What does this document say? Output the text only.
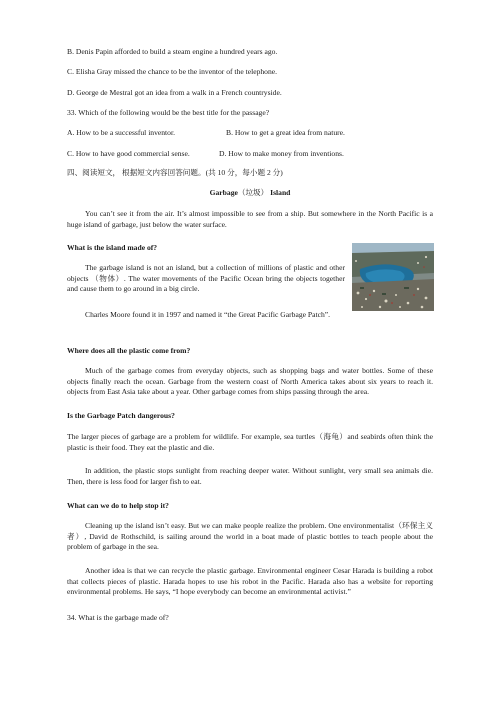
B. Denis Papin afforded to build a steam engine a hundred years ago.
C. Elisha Gray missed the chance to be the inventor of the telephone.
D. George de Mestral got an idea from a walk in a French countryside.
33. Which of the following would be the best title for the passage?
A. How to be a successful inventor.	B. How to get a great idea from nature.
C. How to have good commercial sense.	D. How to make money from inventions.
四、阅读短文， 根据短文内容回答问题。(共 10 分，每小题 2 分)
Garbage（垃圾） Island
You can’t see it from the air. It’s almost impossible to see from a ship. But somewhere in the North Pacific is a huge island of garbage, just below the water surface.
What is the island made of?
The garbage island is not an island, but a collection of millions of plastic and other objects （物体）. The water movements of the Pacific Ocean bring the objects together and cause them to go around in a big circle.
Charles Moore found it in 1997 and named it “the Great Pacific Garbage Patch”.
Where does all the plastic come from?
Much of the garbage comes from everyday objects, such as shopping bags and water bottles. Some of these objects finally reach the ocean. Garbage from the western coast of North America takes about six years to reach it. objects from East Asia take about a year. Other garbage comes from ships passing through the area.
Is the Garbage Patch dangerous?
The larger pieces of garbage are a problem for wildlife. For example, sea turtles（海龟）and seabirds often think the plastic is their food. They eat the plastic and die.
In addition, the plastic stops sunlight from reaching deeper water. Without sunlight, very small sea animals die. Then, there is less food for larger fish to eat.
What can we do to help stop it?
Cleaning up the island isn’t easy. But we can make people realize the problem. One environmentalist（环保主义者）, David de Rothschild, is sailing around the world in a boat made of plastic bottles to teach people about the problem of garbage in the sea.
Another idea is that we can recycle the plastic garbage. Environmental engineer Cesar Harada is building a robot that collects pieces of plastic. Harada hopes to use his robot in the Pacific. Harada also has a website for reporting environmental problems. He says, “I hope everybody can become an environmental activist.”
34. What is the garbage made of?
